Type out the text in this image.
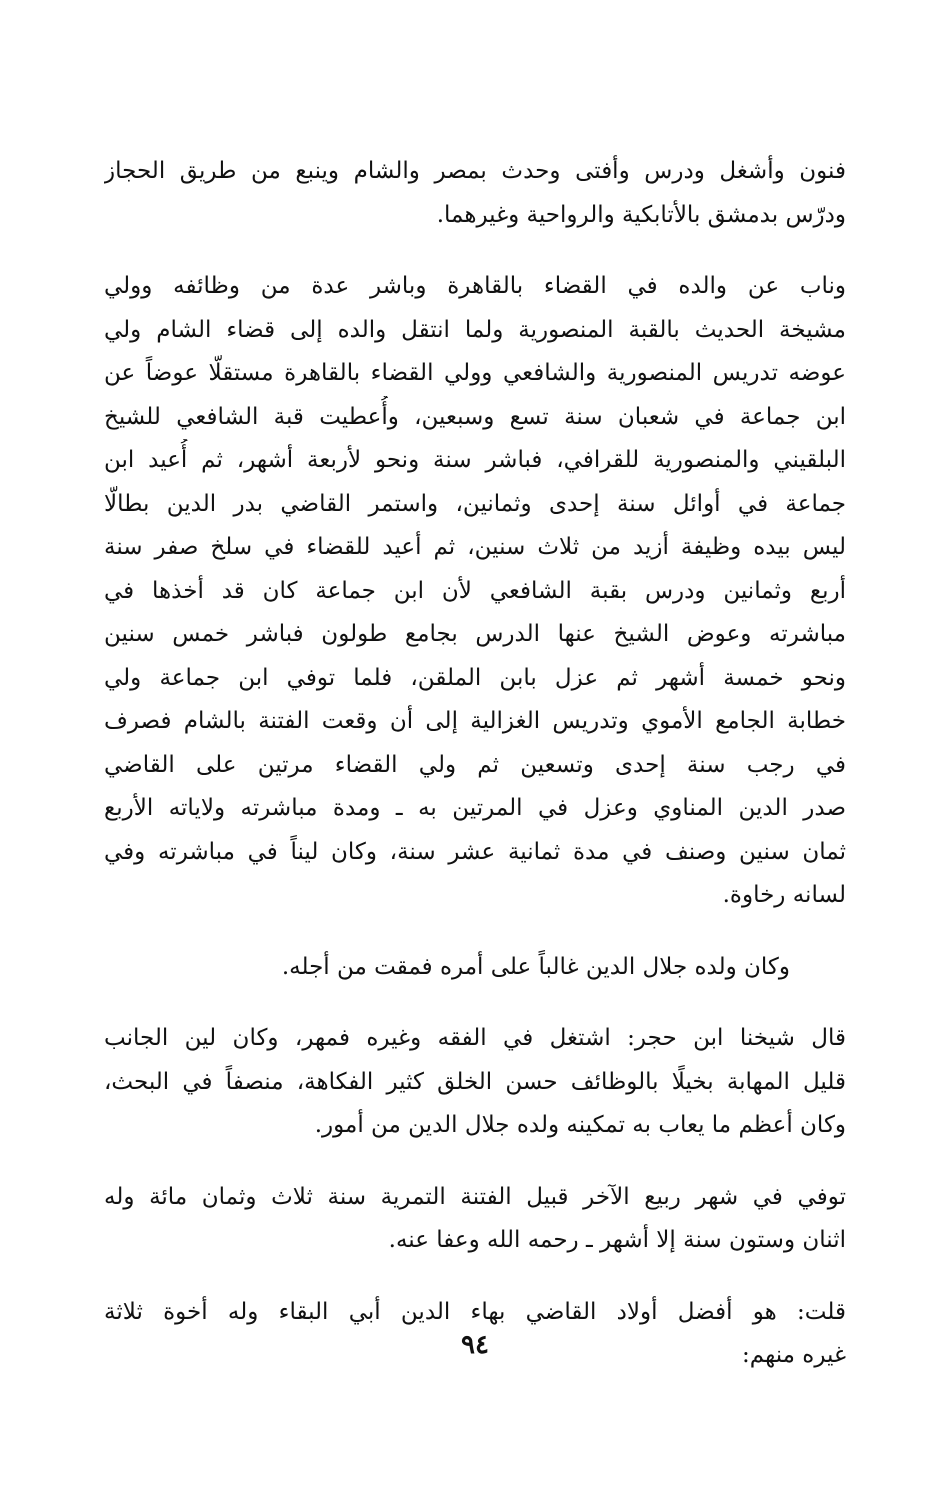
فنون وأشغل ودرس وأفتى وحدث بمصر والشام وينبع من طريق الحجاز
ودرّس بدمشق بالأتابكية والرواحية وغيرهما.

وناب عن والده في القضاء بالقاهرة وباشر عدة من وظائفه وولي
مشيخة الحديث بالقبة المنصورية ولما انتقل والده إلى قضاء الشام ولي
عوضه تدريس المنصورية والشافعي وولي القضاء بالقاهرة مستقلّا عوضاً عن
ابن جماعة في شعبان سنة تسع وسبعين، وأُعطيت قبة الشافعي للشيخ
البلقيني والمنصورية للقرافي، فباشر سنة ونحو لأربعة أشهر، ثم أُعيد ابن
جماعة في أوائل سنة إحدى وثمانين، واستمر القاضي بدر الدين بطالّا
ليس بيده وظيفة أزيد من ثلاث سنين، ثم أعيد للقضاء في سلخ صفر سنة
أربع وثمانين ودرس بقبة الشافعي لأن ابن جماعة كان قد أخذها في
مباشرته وعوض الشيخ عنها الدرس بجامع طولون فباشر خمس سنين
ونحو خمسة أشهر ثم عزل بابن الملقن، فلما توفي ابن جماعة ولي
خطابة الجامع الأموي وتدريس الغزالية إلى أن وقعت الفتنة بالشام فصرف
في رجب سنة إحدى وتسعين ثم ولي القضاء مرتين على القاضي
صدر الدين المناوي وعزل في المرتين به ـ ومدة مباشرته ولاياته الأربع
ثمان سنين وصنف في مدة ثمانية عشر سنة، وكان ليناً في مباشرته وفي
لسانه رخاوة.

وكان ولده جلال الدين غالباً على أمره فمقت من أجله.

قال شيخنا ابن حجر: اشتغل في الفقه وغيره فمهر، وكان لين الجانب
قليل المهابة بخيلًا بالوظائف حسن الخلق كثير الفكاهة، منصفاً في البحث،
وكان أعظم ما يعاب به تمكينه ولده جلال الدين من أمور.

توفي في شهر ربيع الآخر قبيل الفتنة التمرية سنة ثلاث وثمان مائة وله
اثنان وستون سنة إلا أشهر ـ رحمه الله وعفا عنه.

قلت: هو أفضل أولاد القاضي بهاء الدين أبي البقاء وله أخوة ثلاثة
غيره منهم:

٩٤
